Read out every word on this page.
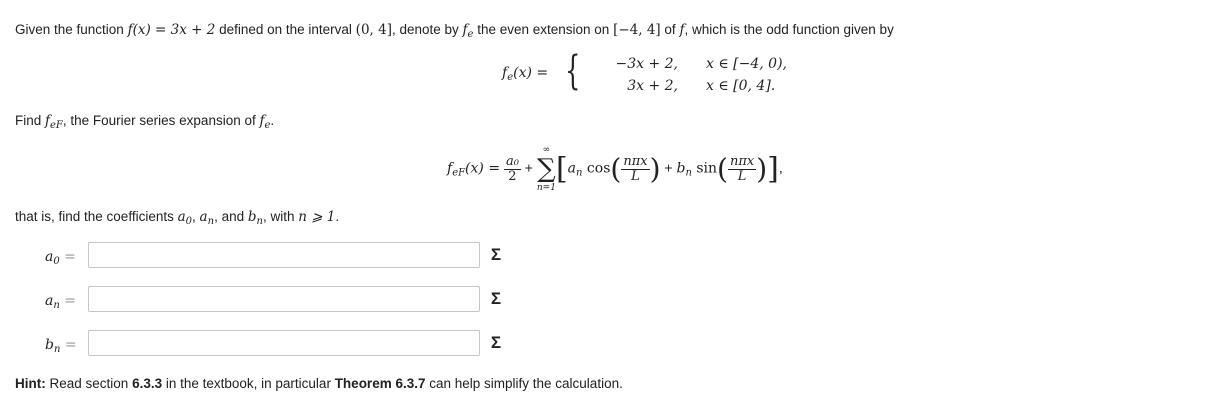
Given the function f(x) = 3x + 2 defined on the interval (0, 4], denote by $f_e$ the even extension on [−4, 4] of f, which is the odd function given by
$f_e(x)$ = {	−3x + 2, x ∈ [−4, 0),
3x + 2, x ∈ [0, 4].
Find $f_{eF}$, the Fourier series expansion of $f_e$.
$f_{eF}(x) = \frac{\text{a₀}}{2}$ +
∞
∑
n=1
[$a_n$ $\cos( \frac{\text{nπx}}{L}$ ) + $b_n$ $\sin( \frac{\text{nπx}}{L}$ )],
that is, find the coefficients $a_0$, $a_n$, and $b_n$, with n ⩾ 1.
$a_0$ =	Σ
$a_n$ =	Σ
$b_n$ =	Σ
Hint: Read section 6.3.3 in the textbook, in particular Theorem 6.3.7 can help simplify the calculation.
